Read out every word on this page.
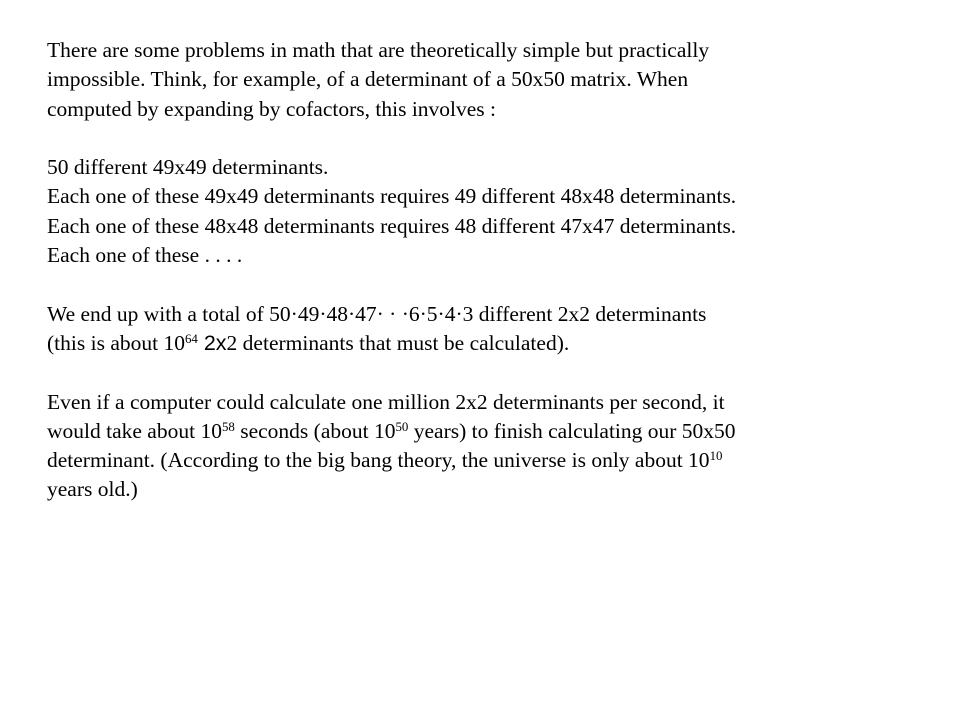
There are some problems in math that are theoretically simple but practically
impossible. Think, for example, of a determinant of a 50x50 matrix. When
computed by expanding by cofactors, this involves :
50 different 49x49 determinants.
Each one of these 49x49 determinants requires 49 different 48x48 determinants.
Each one of these 48x48 determinants requires 48 different 47x47 determinants.
Each one of these . . . .
We end up with a total of 50·49·48·47· · ·6·5·4·3 different 2x2 determinants
(this is about $10^{64}$ 2x2 determinants that must be calculated).
Even if a computer could calculate one million 2x2 determinants per second, it
would take about $10^{58}$ seconds (about $10^{50}$ years) to finish calculating our 50x50
determinant. (According to the big bang theory, the universe is only about $10^{10}$
years old.)
